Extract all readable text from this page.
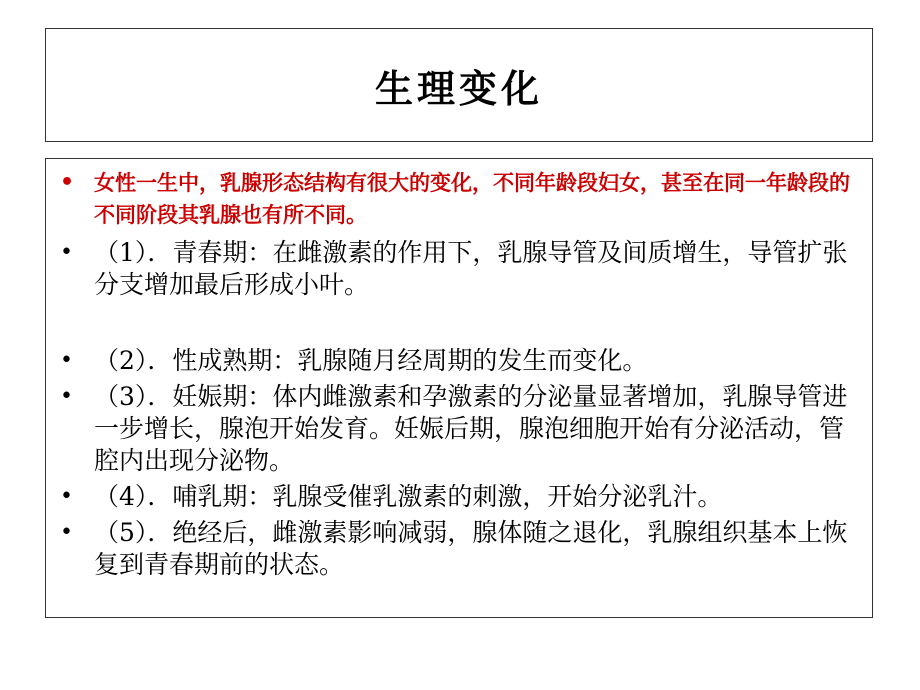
生理变化
• 女性一生中，乳腺形态结构有很大的变化，不同年龄段妇女，甚至在同一年龄段的不同阶段其乳腺也有所不同。
• （1）．青春期：在雌激素的作用下，乳腺导管及间质增生，导管扩张分支增加最后形成小叶。
• （2）．性成熟期：乳腺随月经周期的发生而变化。
• （3）．妊娠期：体内雌激素和孕激素的分泌量显著增加，乳腺导管进一步增长，腺泡开始发育。妊娠后期，腺泡细胞开始有分泌活动，管腔内出现分泌物。
• （4）．哺乳期：乳腺受催乳激素的刺激，开始分泌乳汁。
• （5）．绝经后，雌激素影响减弱，腺体随之退化，乳腺组织基本上恢复到青春期前的状态。
